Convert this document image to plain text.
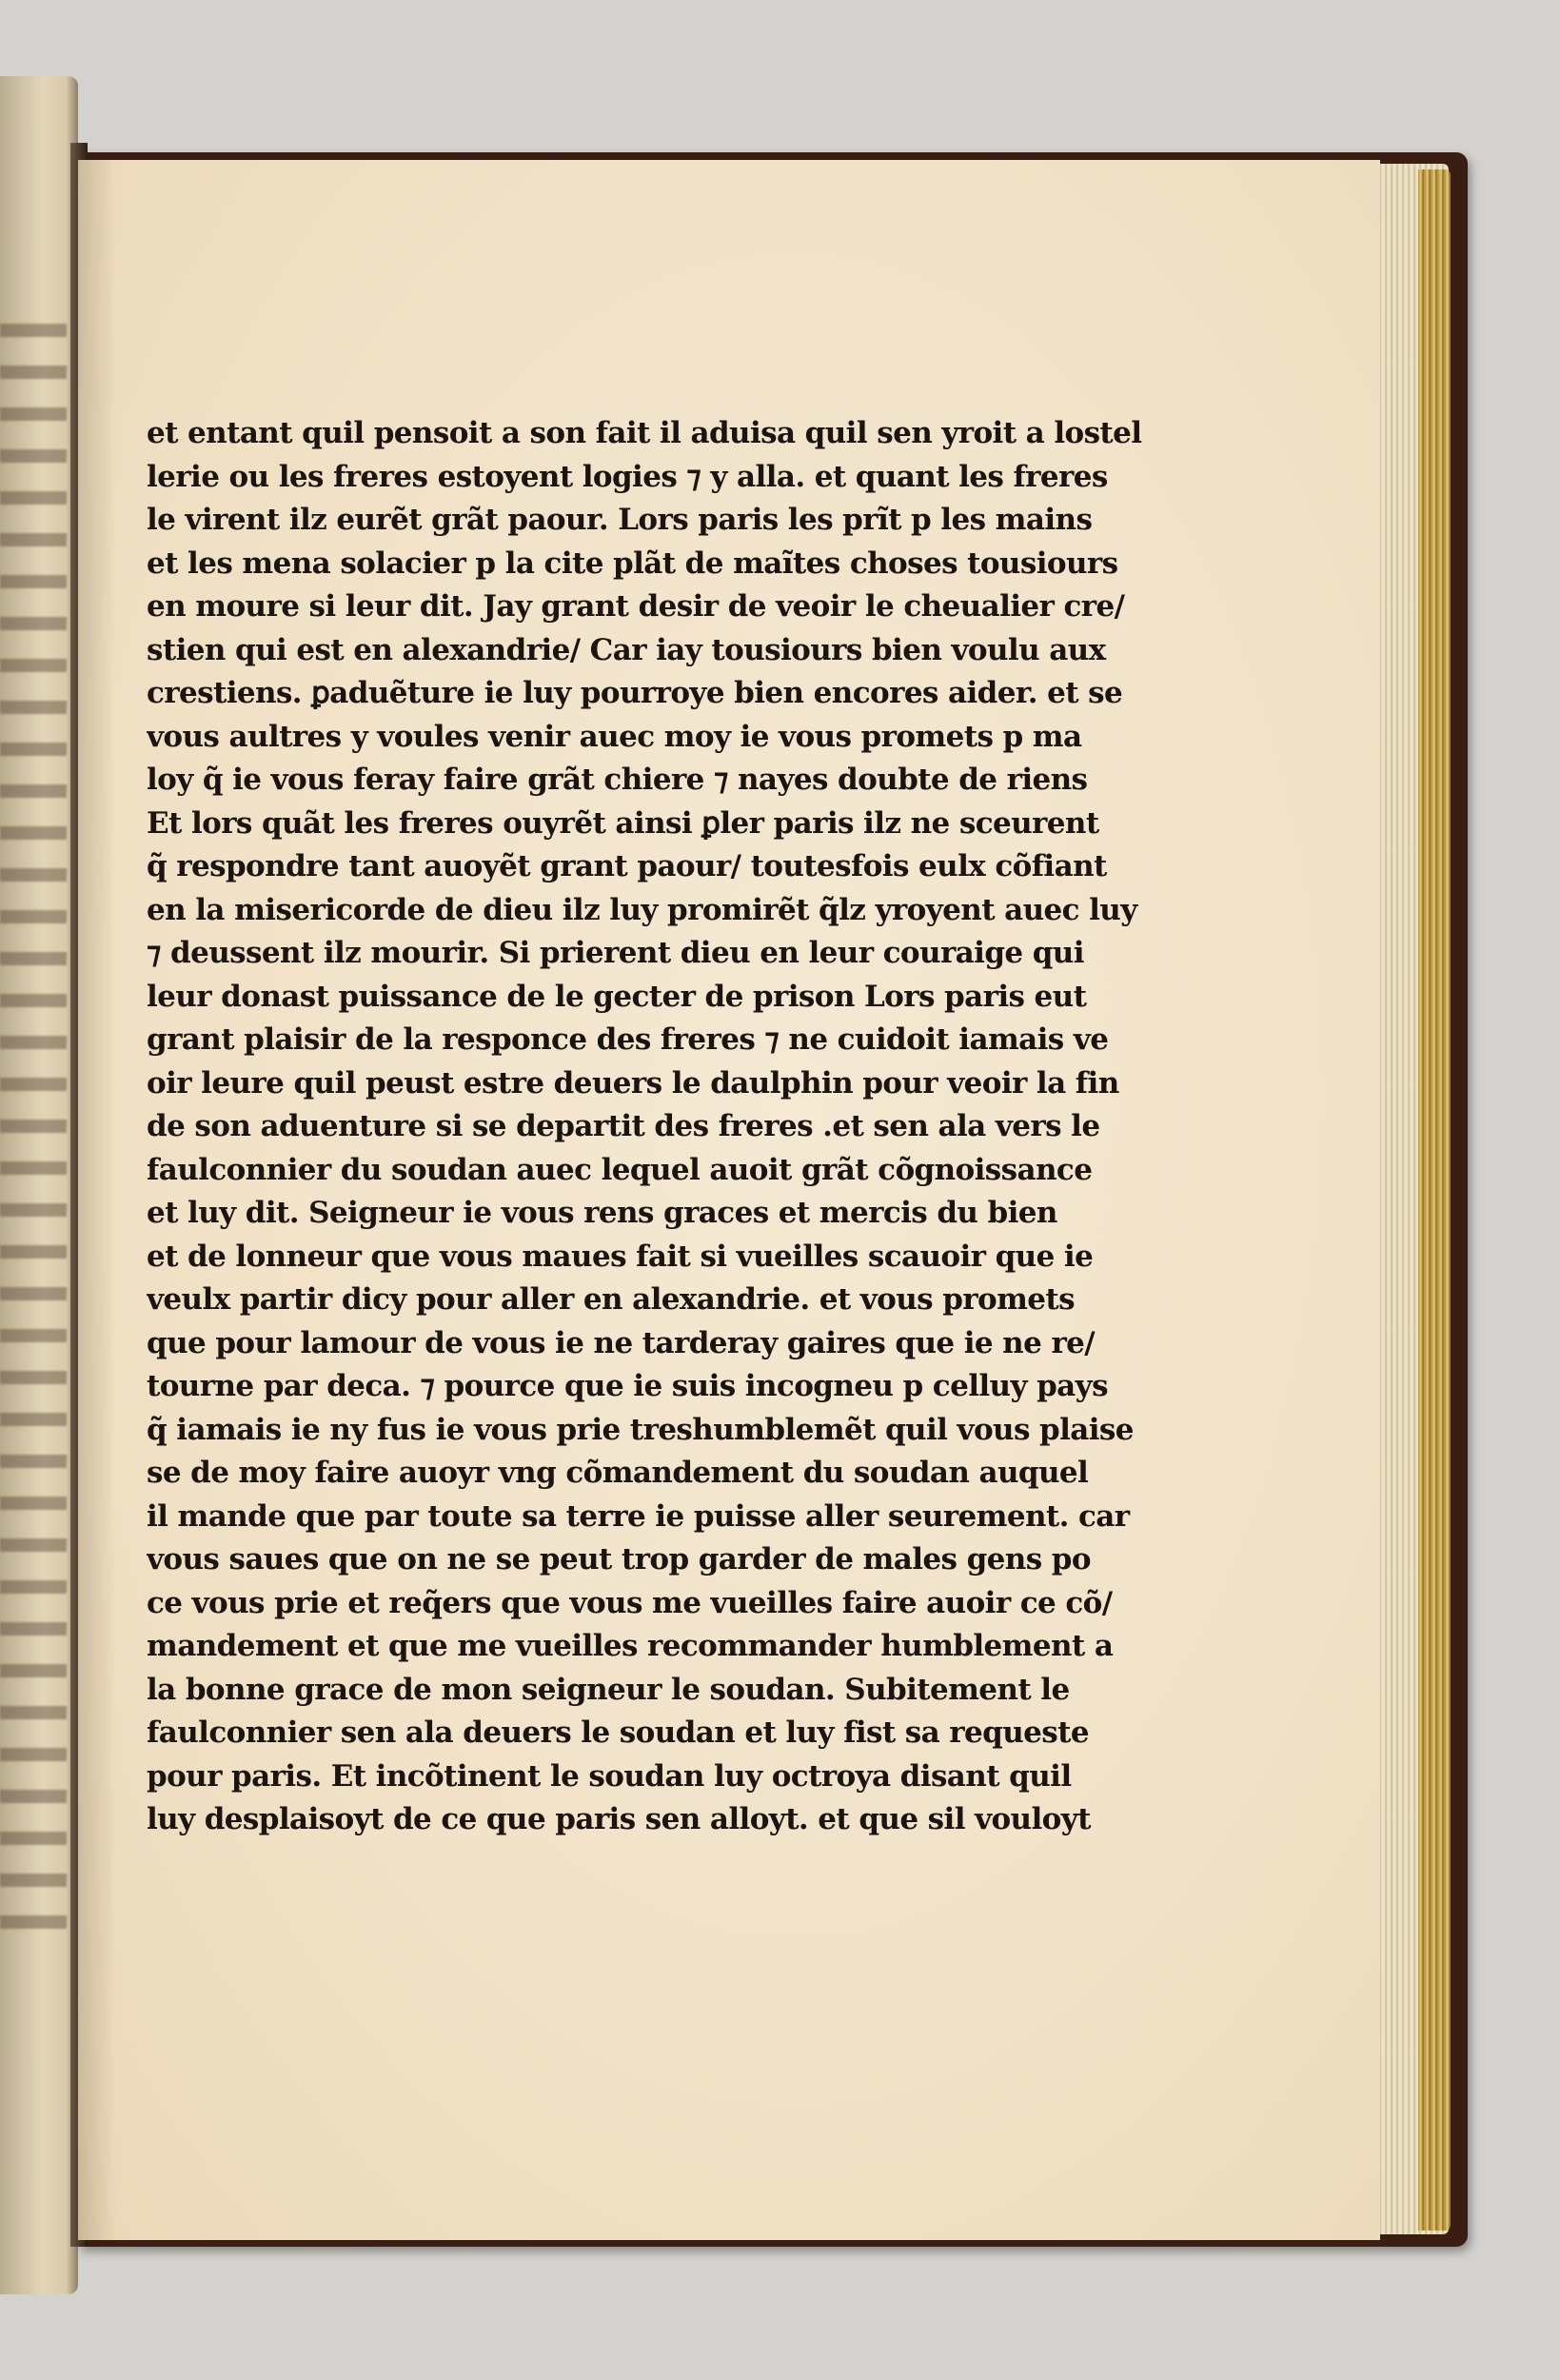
et entant quil pensoit a son fait il aduisa quil sen yroit a lostel
lerie ou les freres estoyent logies ⁊ y alla. et quant les freres
le virent ilz eurẽt grãt paour. Lors paris les prĩt p les mains
et les mena solacier p la cite plãt de maĩtes choses tousiours
en moure si leur dit. Jay grant desir de veoir le cheualier cre/
stien qui est en alexandrie/ Car iay tousiours bien voulu aux
crestiens. ꝑaduẽture ie luy pourroye bien encores aider. et se
vous aultres y voules venir auec moy ie vous promets p ma
loy q̃ ie vous feray faire grãt chiere ⁊ nayes doubte de riens
Et lors quãt les freres ouyrẽt ainsi ꝑler paris ilz ne sceurent
q̃ respondre tant auoyẽt grant paour/ toutesfois eulx cõfiant
en la misericorde de dieu ilz luy promirẽt q̃lz yroyent auec luy
⁊ deussent ilz mourir. Si prierent dieu en leur couraige qui
leur donast puissance de le gecter de prison Lors paris eut
grant plaisir de la responce des freres ⁊ ne cuidoit iamais ve
oir leure quil peust estre deuers le daulphin pour veoir la fin
de son aduenture si se departit des freres .et sen ala vers le
faulconnier du soudan auec lequel auoit grãt cõgnoissance
et luy dit. Seigneur ie vous rens graces et mercis du bien
et de lonneur que vous maues fait si vueilles scauoir que ie
veulx partir dicy pour aller en alexandrie. et vous promets
que pour lamour de vous ie ne tarderay gaires que ie ne re/
tourne par deca. ⁊ pource que ie suis incogneu p celluy pays
q̃ iamais ie ny fus ie vous prie treshumblemẽt quil vous plaise
se de moy faire auoyr vng cõmandement du soudan auquel
il mande que par toute sa terre ie puisse aller seurement. car
vous saues que on ne se peut trop garder de males gens po
ce vous prie et req̃ers que vous me vueilles faire auoir ce cõ/
mandement et que me vueilles recommander humblement a
la bonne grace de mon seigneur le soudan. Subitement le
faulconnier sen ala deuers le soudan et luy fist sa requeste
pour paris. Et incõtinent le soudan luy octroya disant quil
luy desplaisoyt de ce que paris sen alloyt. et que sil vouloyt
